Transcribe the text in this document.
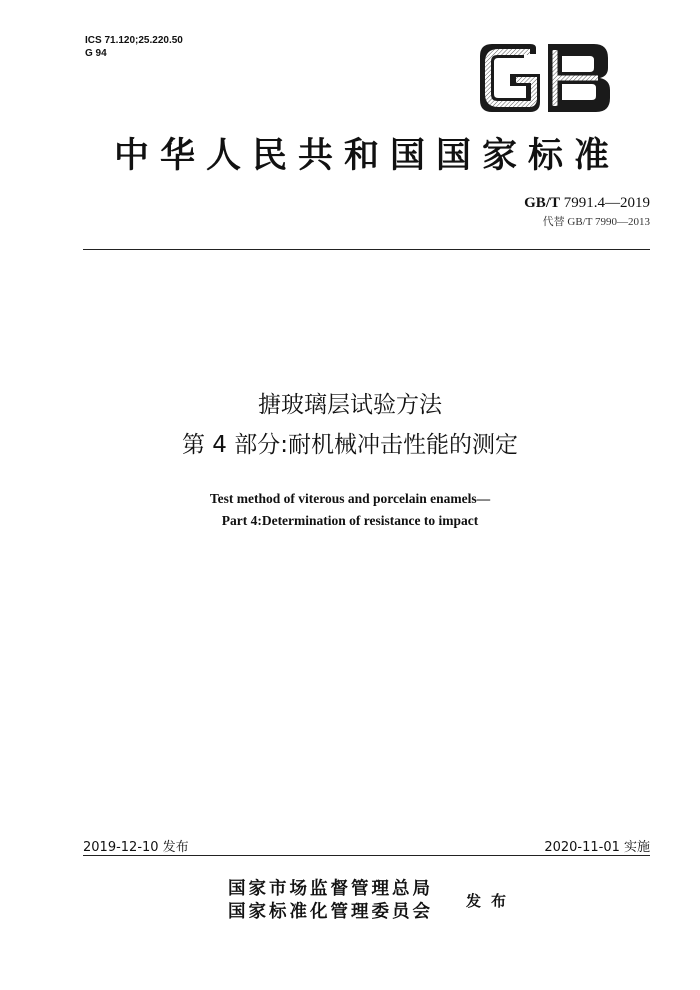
ICS 71.120;25.220.50
G 94
中华人民共和国国家标准
GB/T 7991.4—2019
代替 GB/T 7990—2013
搪玻璃层试验方法
第 4 部分:耐机械冲击性能的测定
Test method of viterous and porcelain enamels—
Part 4:Determination of resistance to impact
2019-12-10 发布	2020-11-01 实施
国家市场监督管理总局
国家标准化管理委员会
发布
